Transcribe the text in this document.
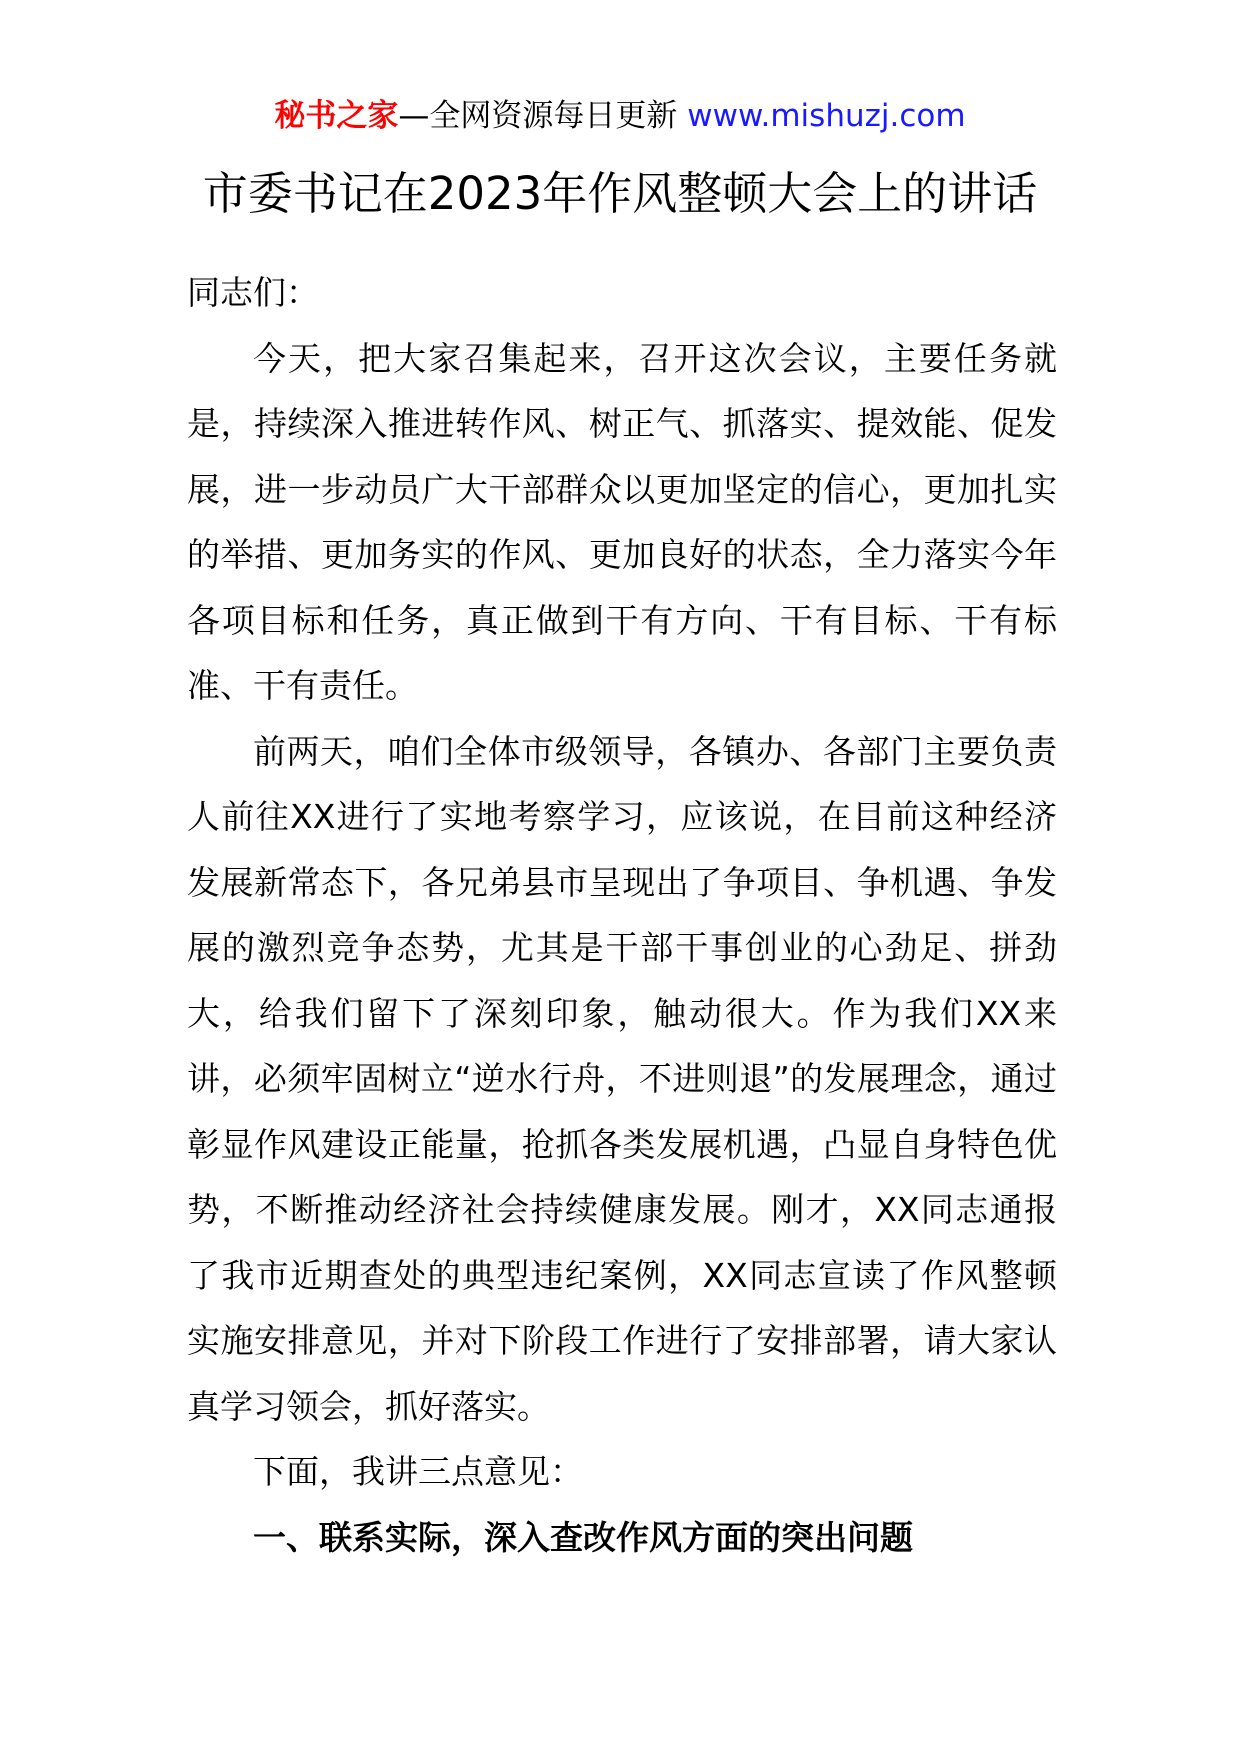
秘书之家—全网资源每日更新 www.mishuzj.com
市委书记在2023年作风整顿大会上的讲话

同志们：

今天，把大家召集起来，召开这次会议，主要任务就是，持续深入推进转作风、树正气、抓落实、提效能、促发展，进一步动员广大干部群众以更加坚定的信心，更加扎实的举措、更加务实的作风、更加良好的状态，全力落实今年各项目标和任务，真正做到干有方向、干有目标、干有标准、干有责任。

前两天，咱们全体市级领导，各镇办、各部门主要负责人前往XX进行了实地考察学习，应该说，在目前这种经济发展新常态下，各兄弟县市呈现出了争项目、争机遇、争发展的激烈竞争态势，尤其是干部干事创业的心劲足、拼劲大，给我们留下了深刻印象，触动很大。作为我们XX来讲，必须牢固树立“逆水行舟，不进则退”的发展理念，通过彰显作风建设正能量，抢抓各类发展机遇，凸显自身特色优势，不断推动经济社会持续健康发展。刚才，XX同志通报了我市近期查处的典型违纪案例，XX同志宣读了作风整顿实施安排意见，并对下阶段工作进行了安排部署，请大家认真学习领会，抓好落实。

下面，我讲三点意见：

一、联系实际，深入查改作风方面的突出问题
